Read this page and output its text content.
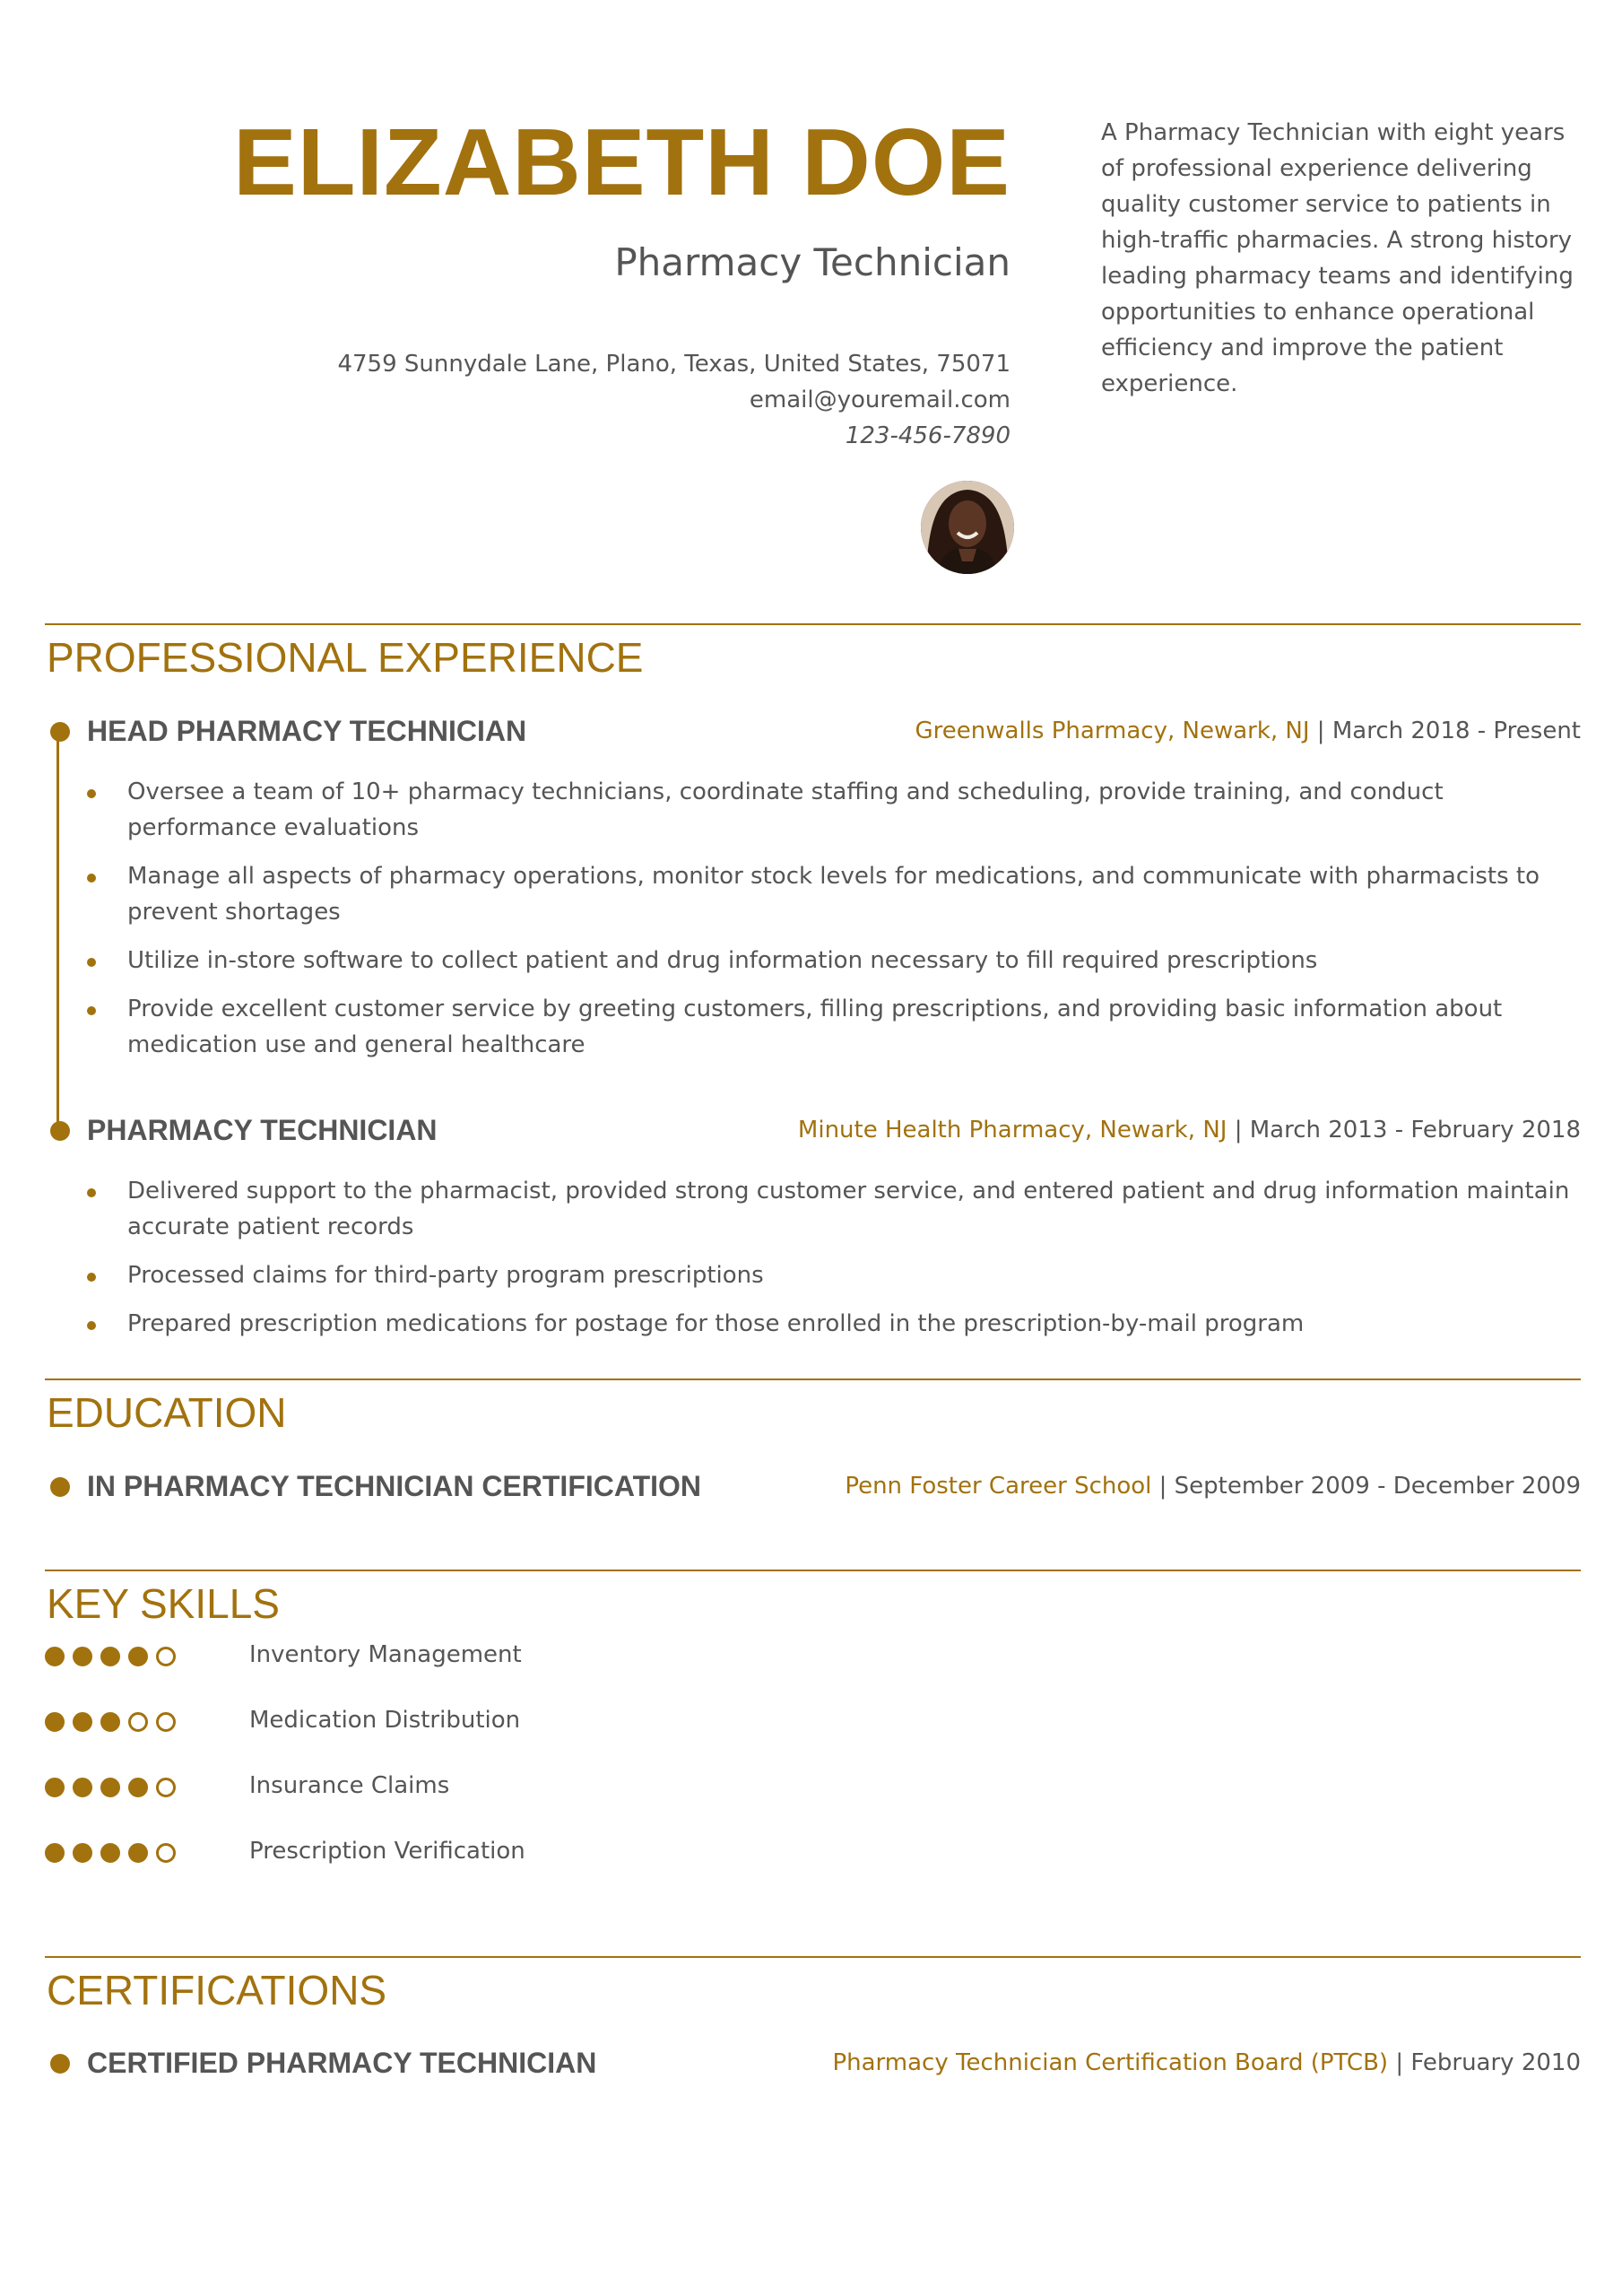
ELIZABETH DOE
Pharmacy Technician
4759 Sunnydale Lane, Plano, Texas, United States, 75071
email@youremail.com
123-456-7890
A Pharmacy Technician with eight years of professional experience delivering quality customer service to patients in high-traffic pharmacies. A strong history leading pharmacy teams and identifying opportunities to enhance operational efficiency and improve the patient experience.
PROFESSIONAL EXPERIENCE
HEAD PHARMACY TECHNICIAN	Greenwalls Pharmacy, Newark, NJ | March 2018 - Present
Oversee a team of 10+ pharmacy technicians, coordinate staffing and scheduling, provide training, and conduct performance evaluations
Manage all aspects of pharmacy operations, monitor stock levels for medications, and communicate with pharmacists to prevent shortages
Utilize in-store software to collect patient and drug information necessary to fill required prescriptions
Provide excellent customer service by greeting customers, filling prescriptions, and providing basic information about medication use and general healthcare
PHARMACY TECHNICIAN	Minute Health Pharmacy, Newark, NJ | March 2013 - February 2018
Delivered support to the pharmacist, provided strong customer service, and entered patient and drug information maintain accurate patient records
Processed claims for third-party program prescriptions
Prepared prescription medications for postage for those enrolled in the prescription-by-mail program
EDUCATION
IN PHARMACY TECHNICIAN CERTIFICATION	Penn Foster Career School | September 2009 - December 2009
KEY SKILLS
Inventory Management
Medication Distribution
Insurance Claims
Prescription Verification
CERTIFICATIONS
CERTIFIED PHARMACY TECHNICIAN	Pharmacy Technician Certification Board (PTCB) | February 2010
